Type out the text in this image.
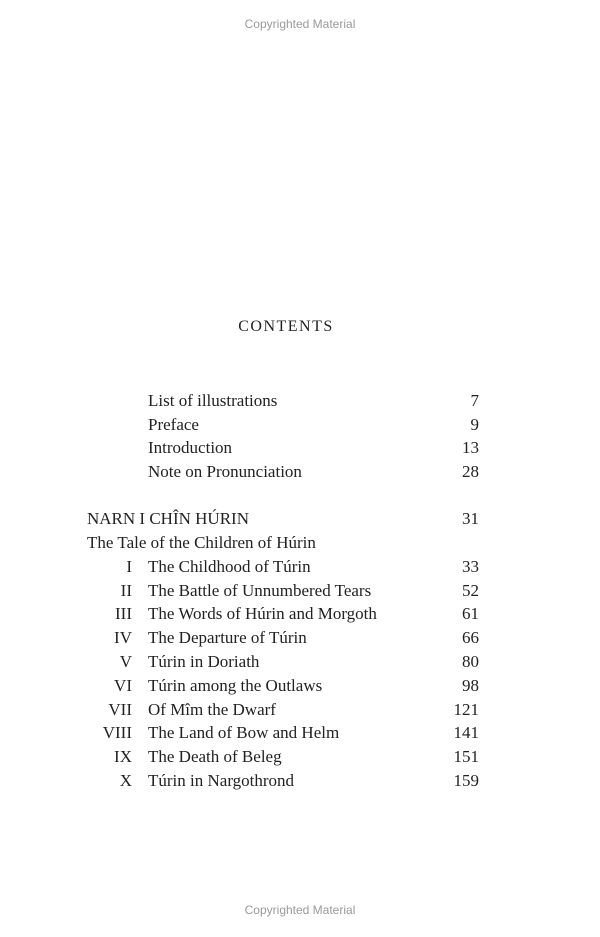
Copyrighted Material
CONTENTS
List of illustrations	7
Preface	9
Introduction	13
Note on Pronunciation	28
NARN I CHÎN HÚRIN	31
The Tale of the Children of Húrin
I The Childhood of Túrin	33
II The Battle of Unnumbered Tears	52
III The Words of Húrin and Morgoth	61
IV The Departure of Túrin	66
V Túrin in Doriath	80
VI Túrin among the Outlaws	98
VII Of Mîm the Dwarf	121
VIII The Land of Bow and Helm	141
IX The Death of Beleg	151
X Túrin in Nargothrond	159
Copyrighted Material
